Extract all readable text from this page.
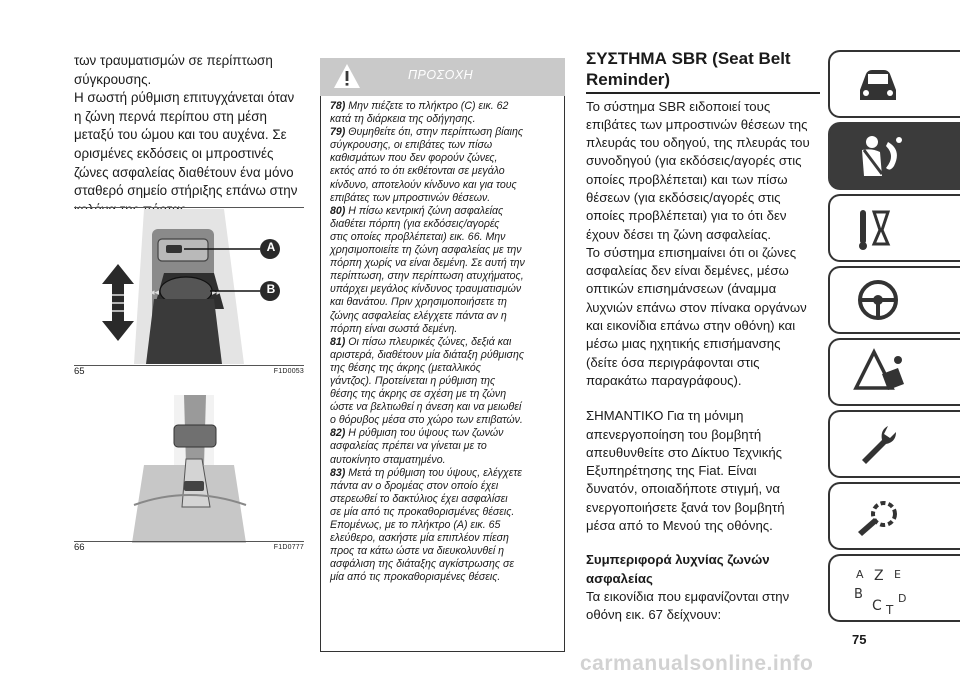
των τραυματισμών σε περίπτωση

σύγκρουσης.

Η σωστή ρύθμιση επιτυγχάνεται όταν

η ζώνη περνά περίπου στη μέση

μεταξύ του ώμου και του αυχένα. Σε

ορισμένες εκδόσεις οι μπροστινές

ζώνες ασφαλείας διαθέτουν ένα μόνο

σταθερό σημείο στήριξης επάνω στην

◂◂	▸▸
A
B
65	F1D0053
66	F1D0777
ΠΡΟΣΟΧΗ
78) Μην πιέζετε το πλήκτρο (C) εικ. 62
κατά τη διάρκεια της οδήγησης.
79) Θυμηθείτε ότι, στην περίπτωση βίαιης
σύγκρουσης, οι επιβάτες των πίσω
καθισμάτων που δεν φορούν ζώνες,
εκτός από το ότι εκθέτονται σε μεγάλο
κίνδυνο, αποτελούν κίνδυνο και για τους
επιβάτες των μπροστινών θέσεων.
80) Η πίσω κεντρική ζώνη ασφαλείας
διαθέτει πόρπη (για εκδόσεις/αγορές
στις οποίες προβλέπεται) εικ. 66. Μην
χρησιμοποιείτε τη ζώνη ασφαλείας με την
πόρπη χωρίς να είναι δεμένη. Σε αυτή την
περίπτωση, στην περίπτωση ατυχήματος,
υπάρχει μεγάλος κίνδυνος τραυματισμών
και θανάτου. Πριν χρησιμοποιήσετε τη
ζώνης ασφαλείας ελέγχετε πάντα αν η
πόρπη είναι σωστά δεμένη.
81) Οι πίσω πλευρικές ζώνες, δεξιά και
αριστερά, διαθέτουν μία διάταξη ρύθμισης
της θέσης της άκρης (μεταλλικός
γάντζος). Προτείνεται η ρύθμιση της
θέσης της άκρης σε σχέση με τη ζώνη
ώστε να βελτιωθεί η άνεση και να μειωθεί
ο θόρυβος μέσα στο χώρο των επιβατών.
82) Η ρύθμιση του ύψους των ζωνών
ασφαλείας πρέπει να γίνεται με το
αυτοκίνητο σταματημένο.
83) Μετά τη ρύθμιση του ύψους, ελέγχετε
πάντα αν ο δρομέας στον οποίο έχει
στερεωθεί το δακτύλιος έχει ασφαλίσει
σε μία από τις προκαθορισμένες θέσεις.
Επομένως, με το πλήκτρο (A) εικ. 65
ελεύθερο, ασκήστε μία επιπλέον πίεση
προς τα κάτω ώστε να διευκολυνθεί η
ασφάλιση της διάταξης αγκίστρωσης σε
μία από τις προκαθορισμένες θέσεις.
ΣΥΣΤΗΜΑ SBR (Seat Belt
Reminder)

Το σύστημα SBR ειδοποιεί τους

επιβάτες των μπροστινών θέσεων της

πλευράς του οδηγού, της πλευράς του

συνοδηγού (για εκδόσεις/αγορές στις

οποίες προβλέπεται) και των πίσω

θέσεων (για εκδόσεις/αγορές στις

οποίες προβλέπεται) για το ότι δεν

έχουν δέσει τη ζώνη ασφαλείας.

Το σύστημα επισημαίνει ότι οι ζώνες

ασφαλείας δεν είναι δεμένες, μέσω

οπτικών επισημάνσεων (άναμμα

λυχνιών επάνω στον πίνακα οργάνων

και εικονίδια επάνω στην οθόνη) και

μέσω μιας ηχητικής επισήμανσης

(δείτε όσα περιγράφονται στις

παρακάτω παραγράφους).

ΣΗΜΑΝΤΙΚΟ Για τη μόνιμη

απενεργοποίηση του βομβητή

απευθυνθείτε στο Δίκτυο Τεχνικής

Εξυπηρέτησης της Fiat. Είναι

δυνατόν, οποιαδήποτε στιγμή, να

ενεργοποιήσετε ξανά τον βομβητή

μέσα από το Μενού της οθόνης.

Συμπεριφορά λυχνίας ζωνών

ασφαλείας

Τα εικονίδια που εμφανίζονται στην

οθόνη εικ. 67 δείχνουν:

A Z E
B
C T
D
75
carmanualsonline.info
